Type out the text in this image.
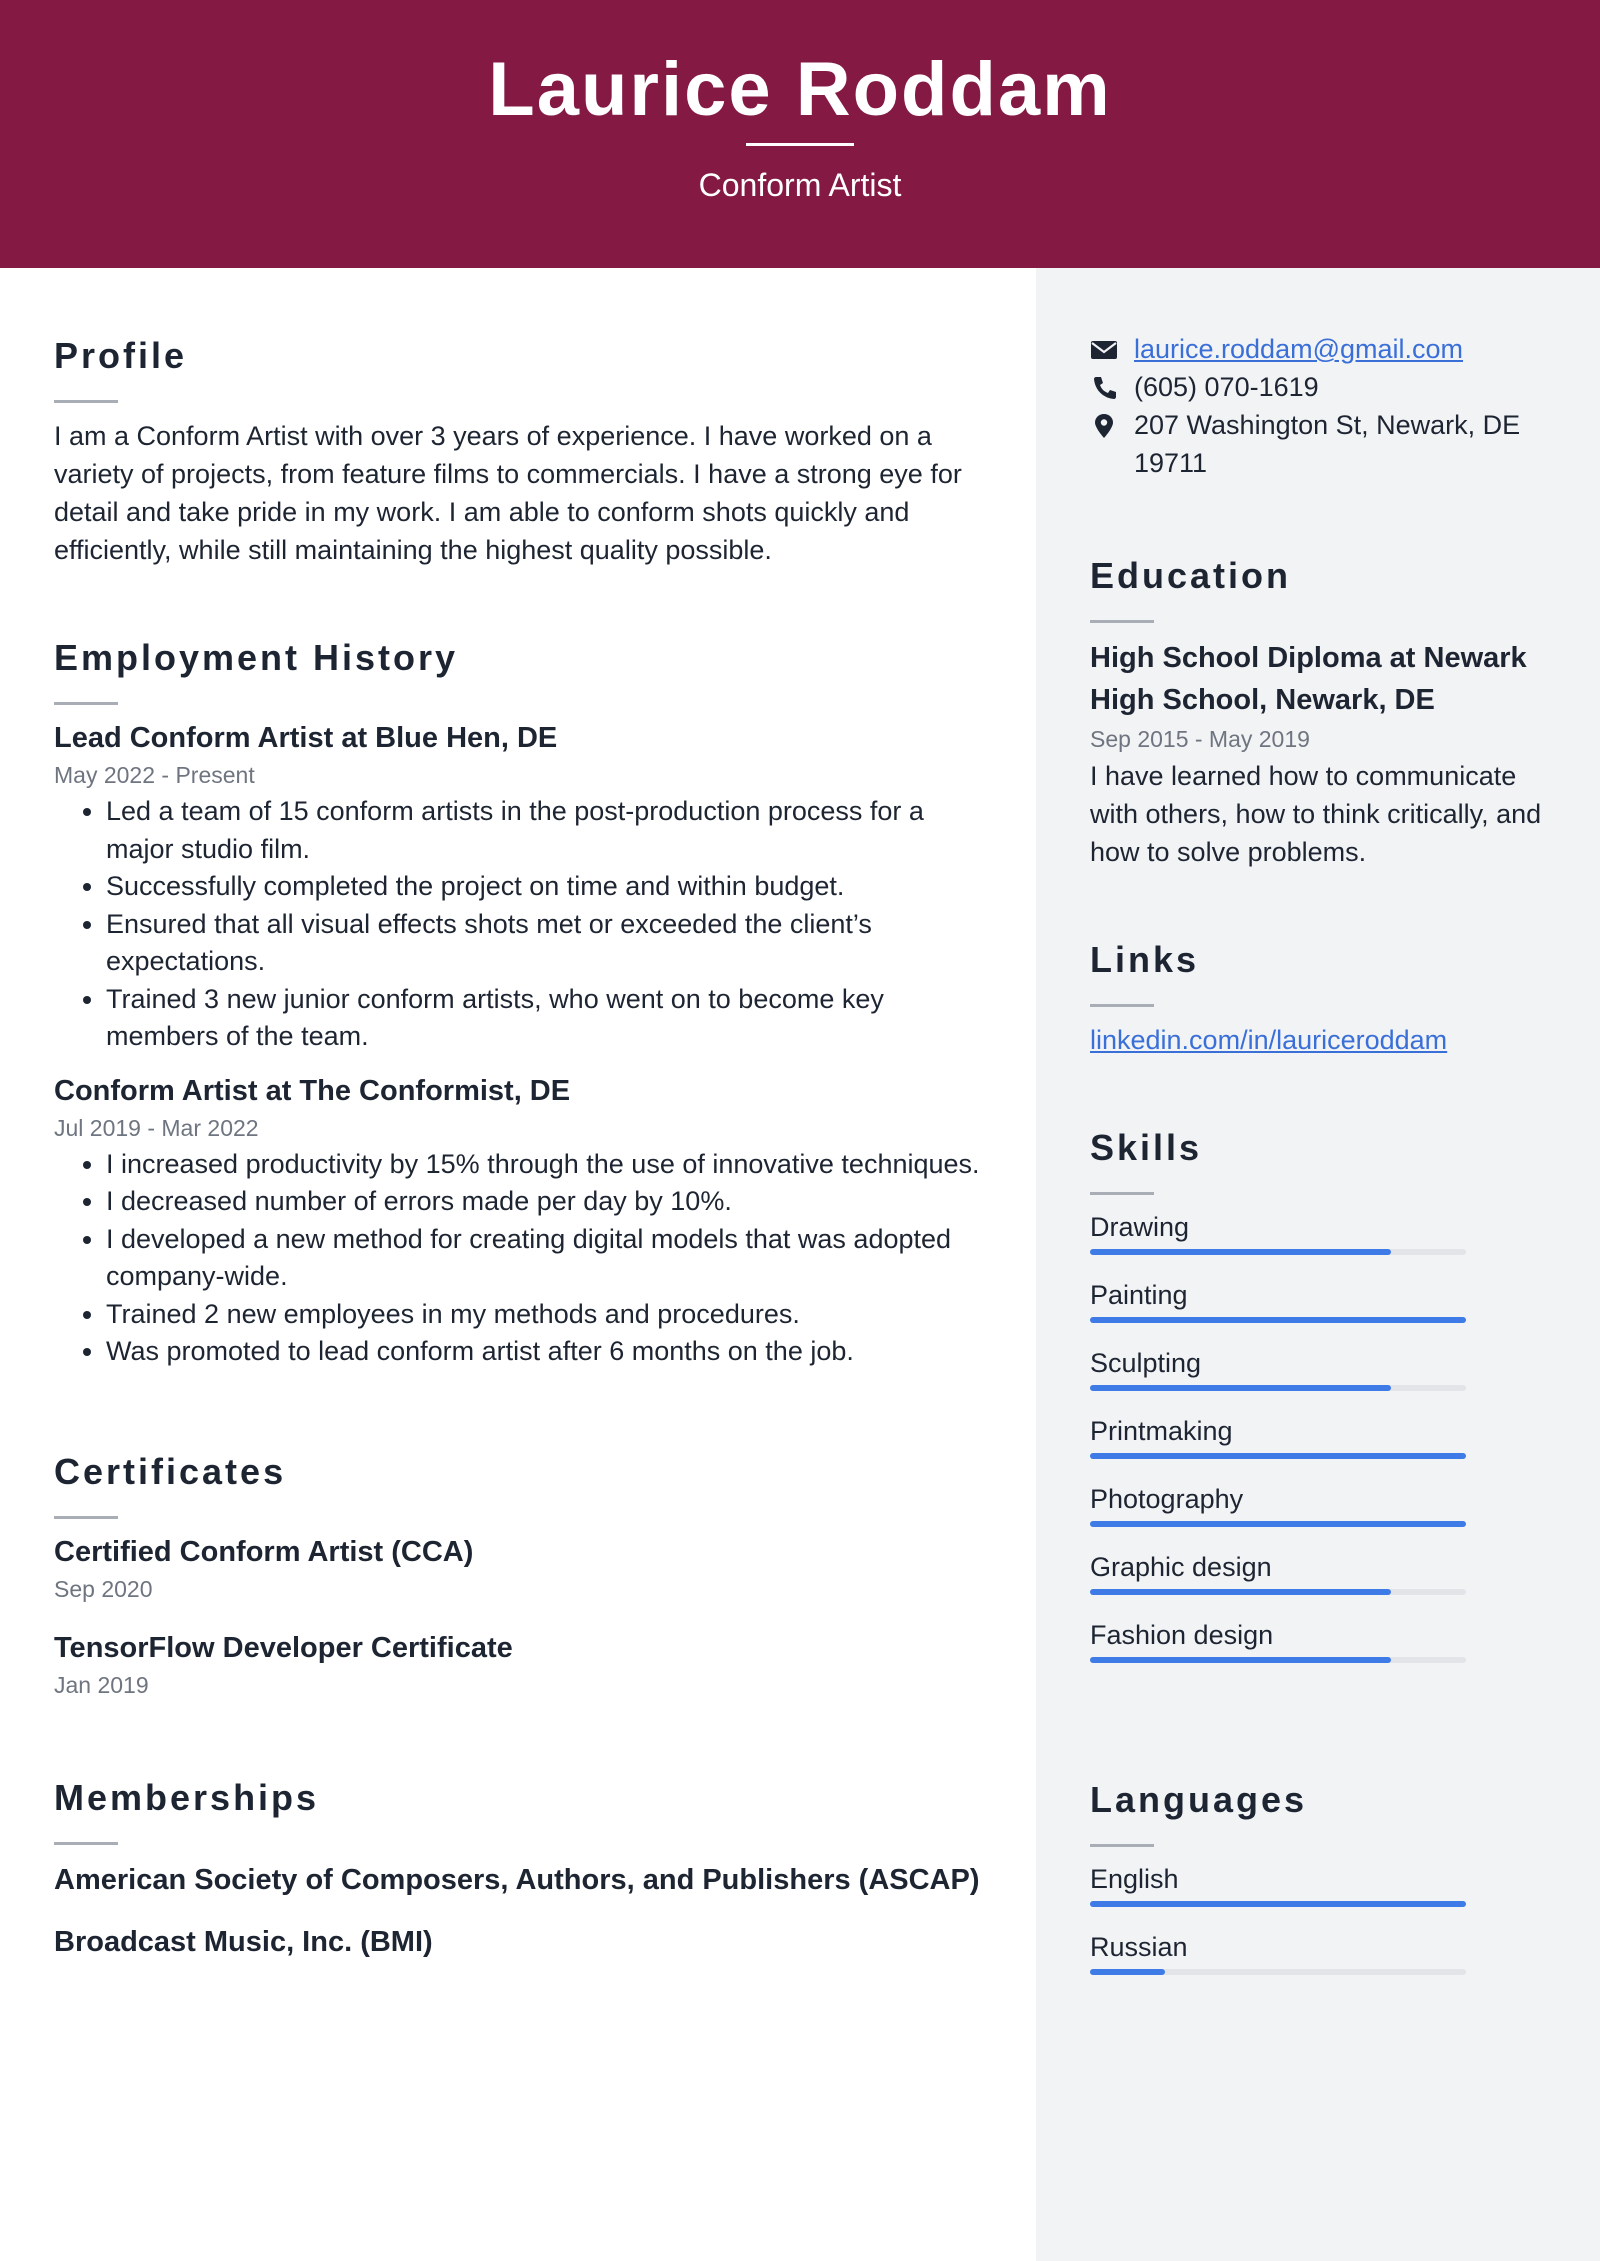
Laurice Roddam
Conform Artist
Profile

I am a Conform Artist with over 3 years of experience. I have worked on a

variety of projects, from feature films to commercials. I have a strong eye for

detail and take pride in my work. I am able to conform shots quickly and

efficiently, while still maintaining the highest quality possible.

Employment History

Lead Conform Artist at Blue Hen, DE

May 2022 - Present

• Led a team of 15 conform artists in the post-production process for a major studio film.
• Successfully completed the project on time and within budget.
• Ensured that all visual effects shots met or exceeded the client’s expectations.
• Trained 3 new junior conform artists, who went on to become key members of the team.

Conform Artist at The Conformist, DE

Jul 2019 - Mar 2022

• I increased productivity by 15% through the use of innovative techniques.
• I decreased number of errors made per day by 10%.
• I developed a new method for creating digital models that was adopted company-wide.
• Trained 2 new employees in my methods and procedures.
• Was promoted to lead conform artist after 6 months on the job.
Certificates

Certified Conform Artist (CCA)

Sep 2020

TensorFlow Developer Certificate

Jan 2019

Memberships

American Society of Composers, Authors, and Publishers (ASCAP)

Broadcast Music, Inc. (BMI)

laurice.roddam@gmail.com
(605) 070-1619
207 Washington St, Newark, DE
19711
Education

High School Diploma at Newark

High School, Newark, DE

Sep 2015 - May 2019

I have learned how to communicate

with others, how to think critically, and

how to solve problems.

Links
linkedin.com/in/lauriceroddam
Skills

Drawing

Painting

Sculpting

Printmaking

Photography

Graphic design

Fashion design

Languages

English

Russian
